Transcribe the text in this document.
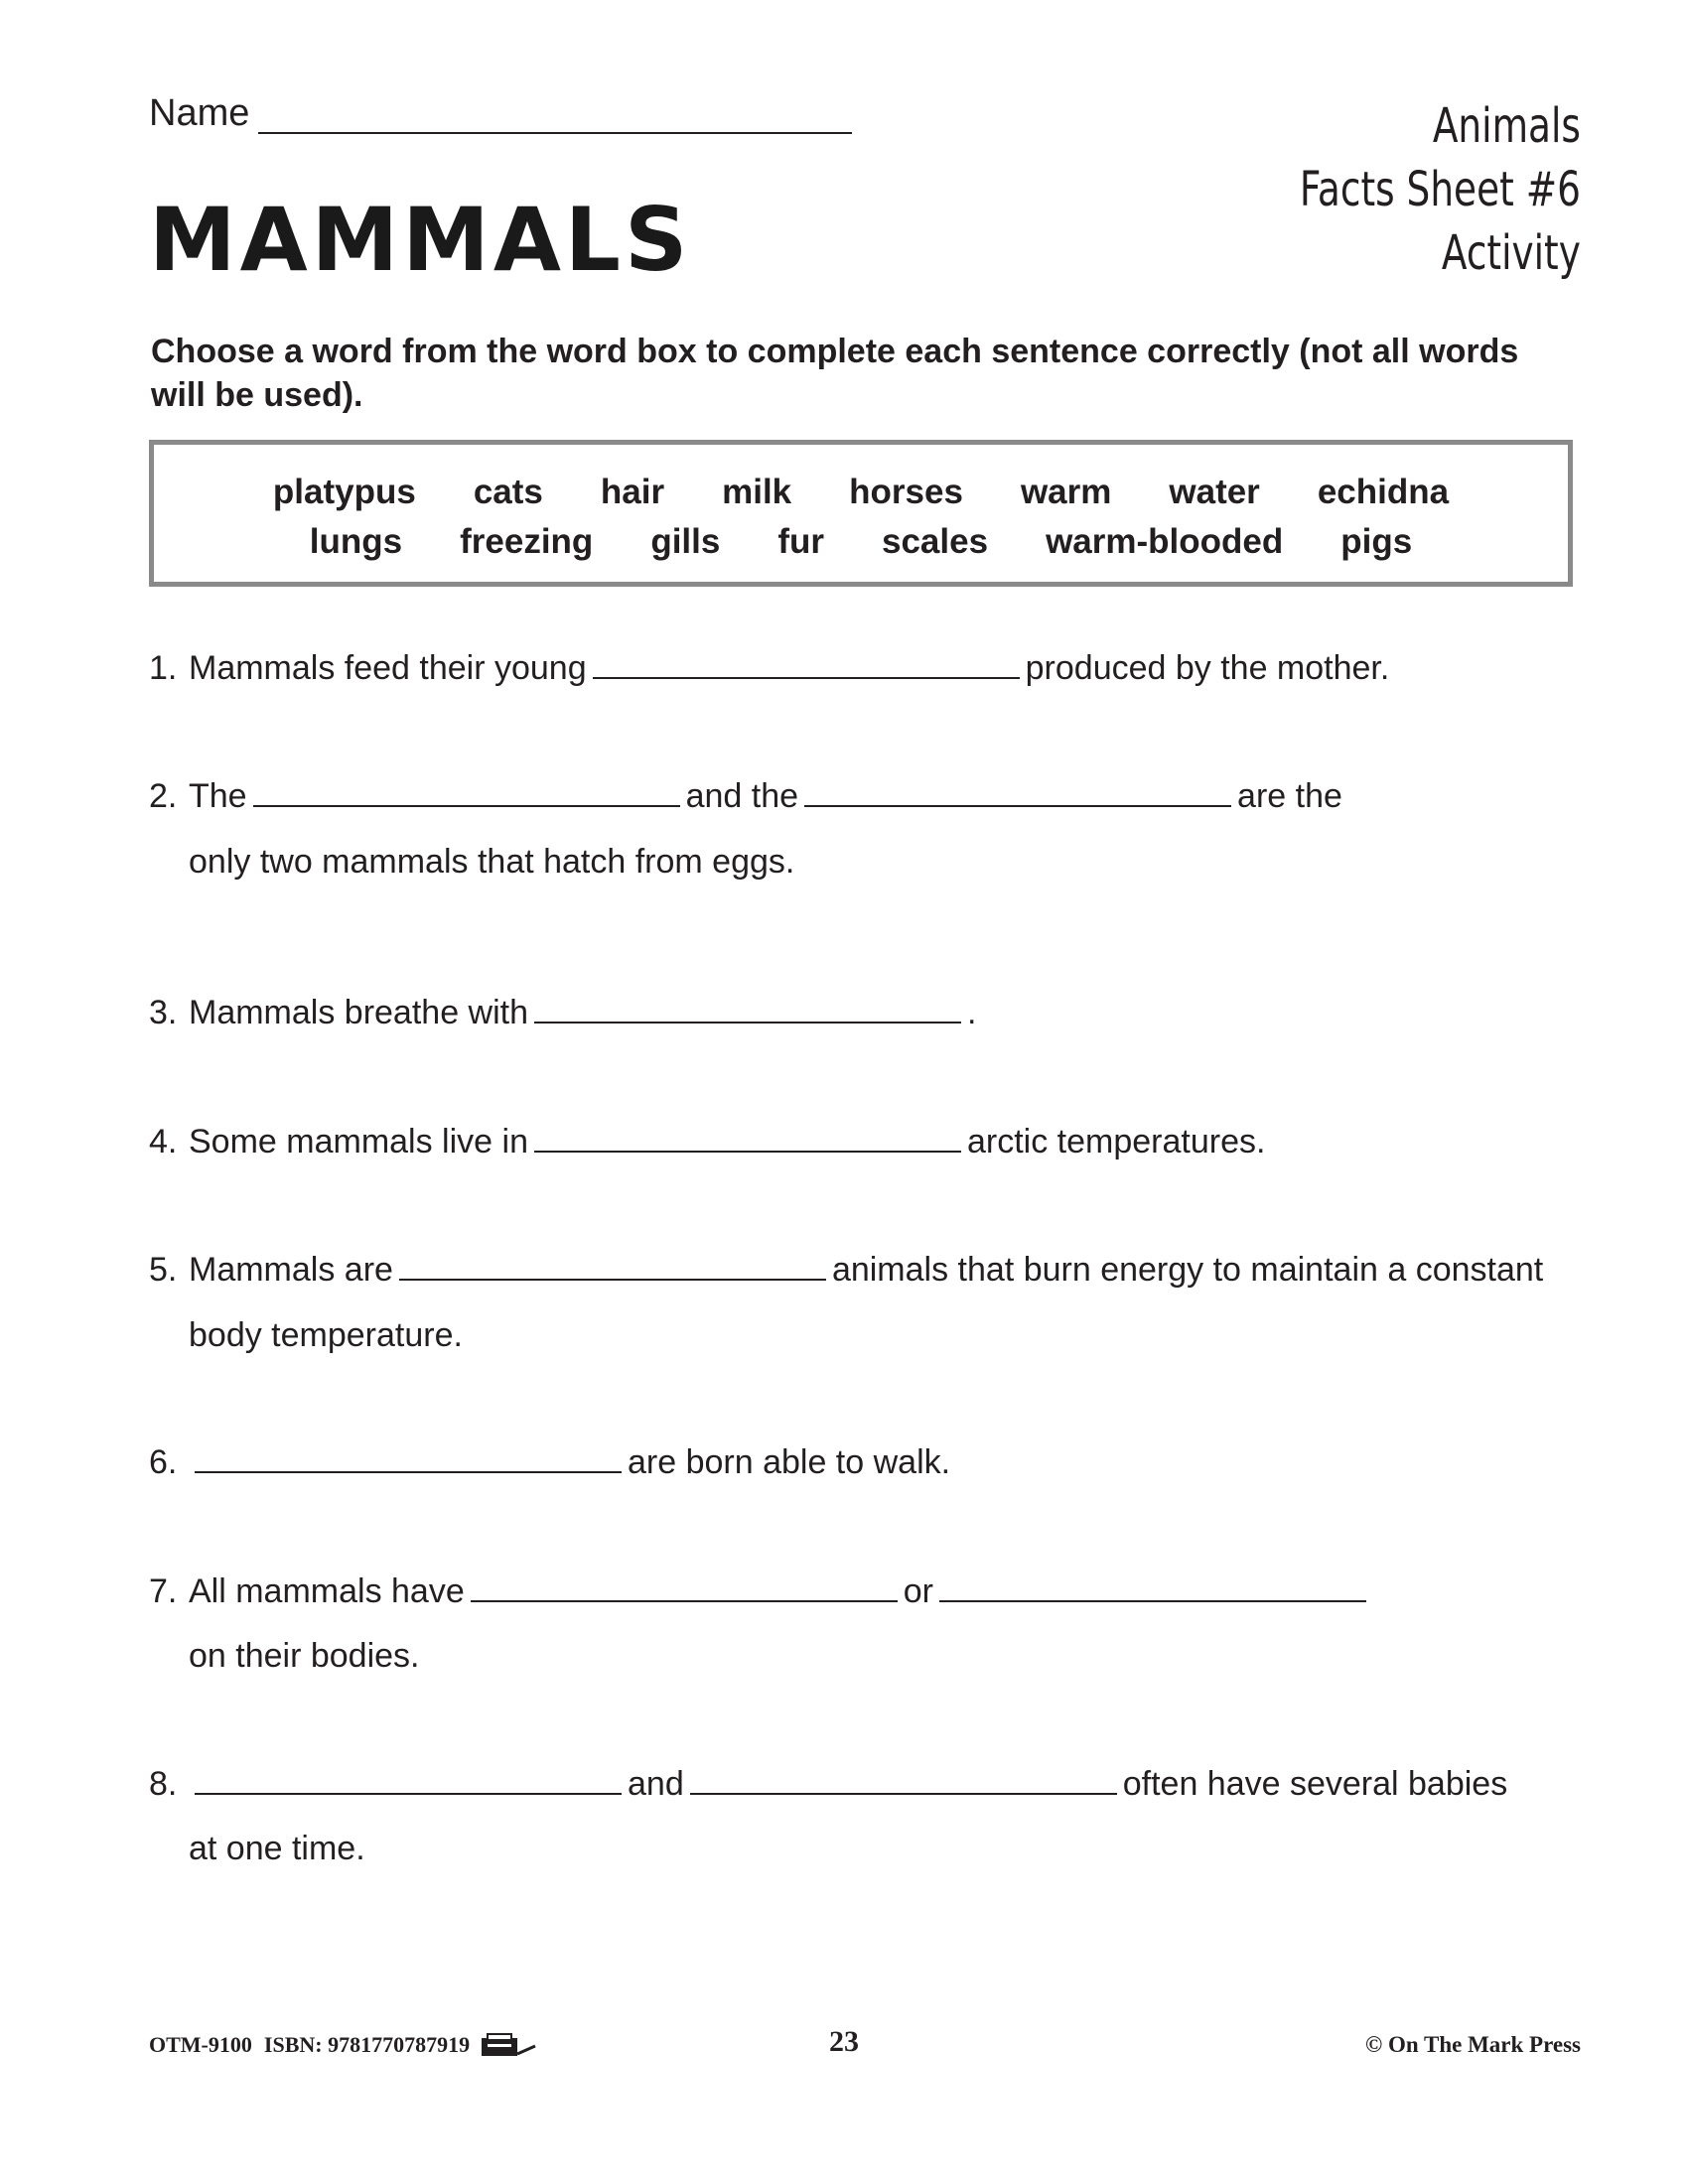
Name
MAMMALS
Animals
Facts Sheet #6
Activity
Choose a word from the word box to complete each sentence correctly (not all words will be used).
platypus cats hair milk horses warm water echidna
lungs freezing gills fur scales warm-blooded pigs
1. Mammals feed their young	produced by the mother.
2. The	and the	are the
only two mammals that hatch from eggs.
3. Mammals breathe with	.
4. Some mammals live in	arctic temperatures.
5. Mammals are	animals that burn energy to maintain a constant
body temperature.
6.	are born able to walk.
7. All mammals have	or
on their bodies.
8.	and	often have several babies
at one time.
OTM-9100 ISBN: 9781770787919	23	© On The Mark Press
